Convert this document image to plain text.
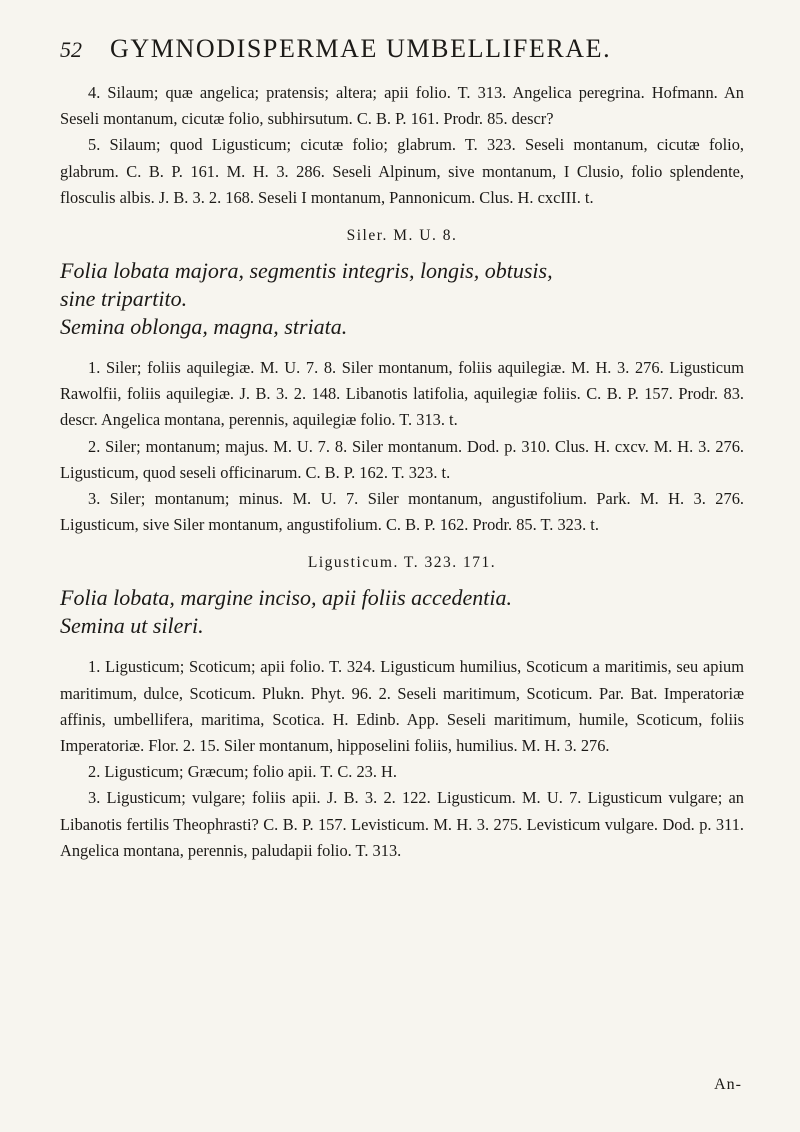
52	GYMNODISPERMAE UMBELLIFERAE.

4. Silaum; quæ angelica; pratensis; altera; apii folio. T. 313. Angelica peregrina. Hofmann. An Seseli montanum, cicutæ folio, subhirsutum. C. B. P. 161. Prodr. 85. descr?

5. Silaum; quod Ligusticum; cicutæ folio; glabrum. T. 323. Seseli montanum, cicutæ folio, glabrum. C. B. P. 161. M. H. 3. 286. Seseli Alpinum, sive montanum, I Clusio, folio splendente, flosculis albis. J. B. 3. 2. 168. Seseli I montanum, Pannonicum. Clus. H. cxcIII. t.

Siler. M. U. 8.

Folia lobata majora, segmentis integris, longis, obtusis,

sine tripartito.

Semina oblonga, magna, striata.

1. Siler; foliis aquilegiæ. M. U. 7. 8. Siler montanum, foliis aquilegiæ. M. H. 3. 276. Ligusticum Rawolfii, foliis aquilegiæ. J. B. 3. 2. 148. Libanotis latifolia, aquilegiæ foliis. C. B. P. 157. Prodr. 83. descr. Angelica montana, perennis, aquilegiæ folio. T. 313. t.

2. Siler; montanum; majus. M. U. 7. 8. Siler montanum. Dod. p. 310. Clus. H. cxcv. M. H. 3. 276. Ligusticum, quod seseli officinarum. C. B. P. 162. T. 323. t.

3. Siler; montanum; minus. M. U. 7. Siler montanum, angustifolium. Park. M. H. 3. 276. Ligusticum, sive Siler montanum, angustifolium. C. B. P. 162. Prodr. 85. T. 323. t.

Ligusticum. T. 323. 171.

Folia lobata, margine inciso, apii foliis accedentia.

Semina ut sileri.

1. Ligusticum; Scoticum; apii folio. T. 324. Ligusticum humilius, Scoticum a maritimis, seu apium maritimum, dulce, Scoticum. Plukn. Phyt. 96. 2. Seseli maritimum, Scoticum. Par. Bat. Imperatoriæ affinis, umbellifera, maritima, Scotica. H. Edinb. App. Seseli maritimum, humile, Scoticum, foliis Imperatoriæ. Flor. 2. 15. Siler montanum, hipposelini foliis, humilius. M. H. 3. 276.

2. Ligusticum; Græcum; folio apii. T. C. 23. H.

3. Ligusticum; vulgare; foliis apii. J. B. 3. 2. 122. Ligusticum. M. U. 7. Ligusticum vulgare; an Libanotis fertilis Theophrasti? C. B. P. 157. Levisticum. M. H. 3. 275. Levisticum vulgare. Dod. p. 311. Angelica montana, perennis, paludapii folio. T. 313.

An-
